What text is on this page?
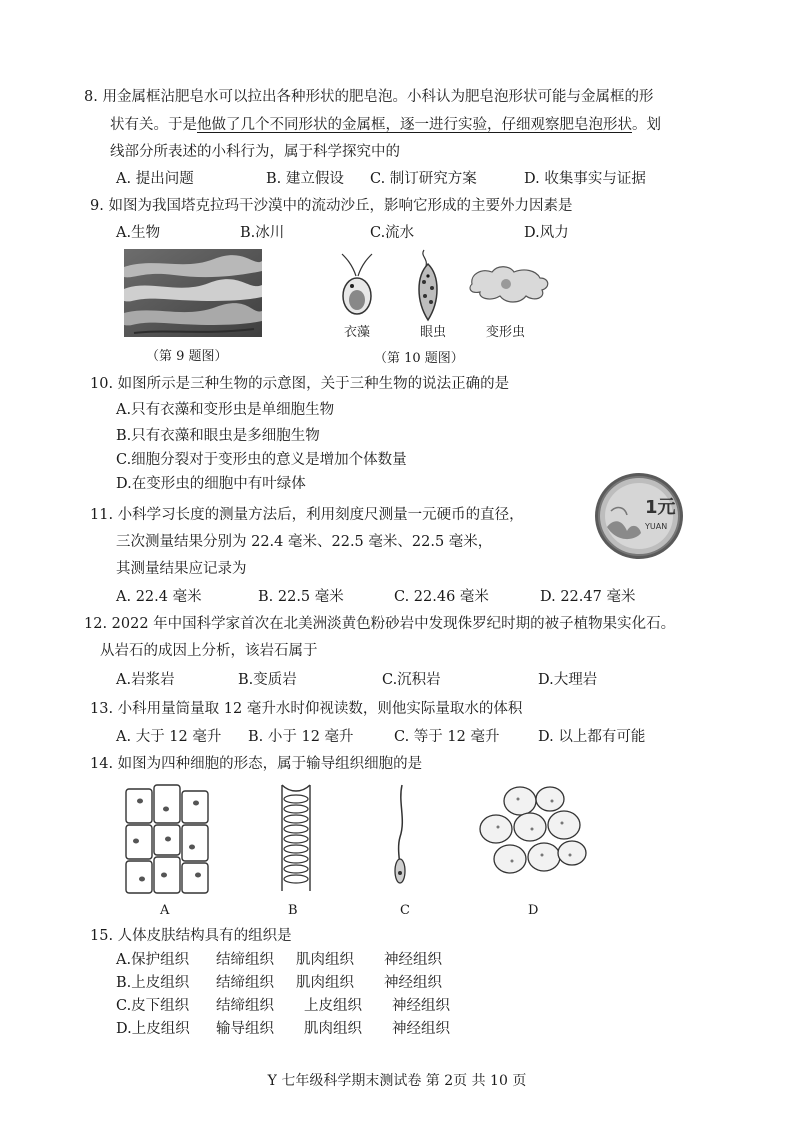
8. 用金属框沾肥皂水可以拉出各种形状的肥皂泡。小科认为肥皂泡形状可能与金属框的形
状有关。于是他做了几个不同形状的金属框，逐一进行实验，仔细观察肥皂泡形状。划
线部分所表述的小科行为，属于科学探究中的
A. 提出问题	B. 建立假设 C. 制订研究方案	D. 收集事实与证据
9. 如图为我国塔克拉玛干沙漠中的流动沙丘，影响它形成的主要外力因素是
A.生物	B.冰川	C.流水	D.风力
（第 9 题图）
衣藻	眼虫	变形虫
（第 10 题图）
10. 如图所示是三种生物的示意图，关于三种生物的说法正确的是
A.只有衣藻和变形虫是单细胞生物
B.只有衣藻和眼虫是多细胞生物
C.细胞分裂对于变形虫的意义是增加个体数量
D.在变形虫的细胞中有叶绿体
11. 小科学习长度的测量方法后，利用刻度尺测量一元硬币的直径，
三次测量结果分别为 22.4 毫米、22.5 毫米、22.5 毫米，
其测量结果应记录为
A. 22.4 毫米	B. 22.5 毫米	C. 22.46 毫米	D. 22.47 毫米
1元
YUAN
12. 2022 年中国科学家首次在北美洲淡黄色粉砂岩中发现侏罗纪时期的被子植物果实化石。
从岩石的成因上分析，该岩石属于
A.岩浆岩	B.变质岩	C.沉积岩	D.大理岩
13. 小科用量筒量取 12 毫升水时仰视读数，则他实际量取水的体积
A. 大于 12 毫升 B. 小于 12 毫升	C. 等于 12 毫升	D. 以上都有可能
14. 如图为四种细胞的形态，属于输导组织细胞的是
A	B	C	D
15. 人体皮肤结构具有的组织是
A.保护组织 结缔组织 肌肉组织 神经组织
B.上皮组织 结缔组织 肌肉组织 神经组织
C.皮下组织 结缔组织 上皮组织 神经组织
D.上皮组织 输导组织 肌肉组织 神经组织
Y 七年级科学期末测试卷 第 2页 共 10 页
